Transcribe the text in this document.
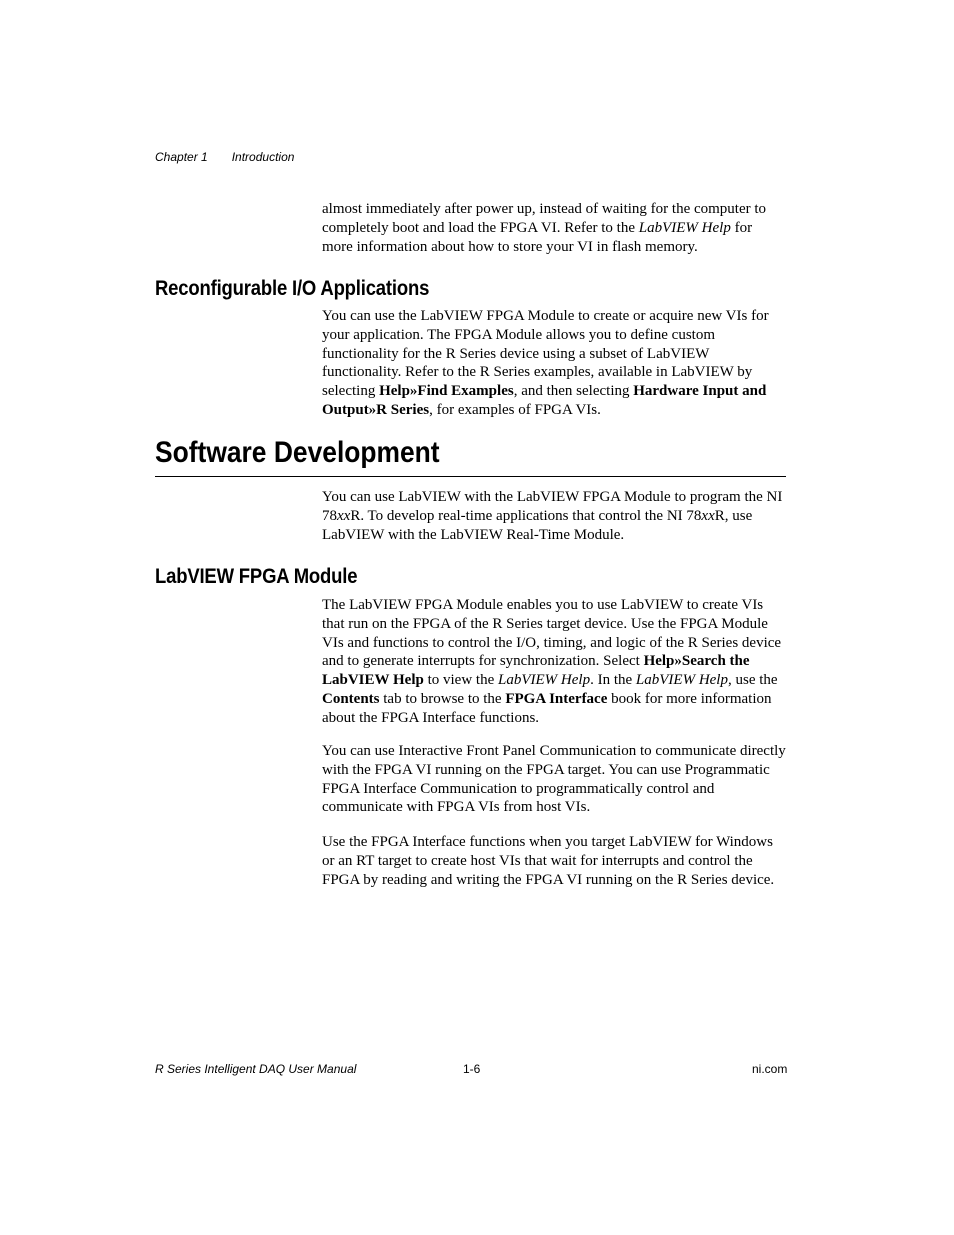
Chapter 1 Introduction

almost immediately after power up, instead of waiting for the computer to completely boot and load the FPGA VI. Refer to the LabVIEW Help for more information about how to store your VI in flash memory.

Reconfigurable I/O Applications

You can use the LabVIEW FPGA Module to create or acquire new VIs for your application. The FPGA Module allows you to define custom functionality for the R Series device using a subset of LabVIEW functionality. Refer to the R Series examples, available in LabVIEW by selecting Help»Find Examples, and then selecting Hardware Input and Output»R Series, for examples of FPGA VIs.

Software Development

You can use LabVIEW with the LabVIEW FPGA Module to program the NI 78xxR. To develop real-time applications that control the NI 78xxR, use LabVIEW with the LabVIEW Real-Time Module.

LabVIEW FPGA Module

The LabVIEW FPGA Module enables you to use LabVIEW to create VIs that run on the FPGA of the R Series target device. Use the FPGA Module VIs and functions to control the I/O, timing, and logic of the R Series device and to generate interrupts for synchronization. Select Help»Search the LabVIEW Help to view the LabVIEW Help. In the LabVIEW Help, use the Contents tab to browse to the FPGA Interface book for more information about the FPGA Interface functions.

You can use Interactive Front Panel Communication to communicate directly with the FPGA VI running on the FPGA target. You can use Programmatic FPGA Interface Communication to programmatically control and communicate with FPGA VIs from host VIs.

Use the FPGA Interface functions when you target LabVIEW for Windows or an RT target to create host VIs that wait for interrupts and control the FPGA by reading and writing the FPGA VI running on the R Series device.

R Series Intelligent DAQ User Manual	1-6	ni.com
